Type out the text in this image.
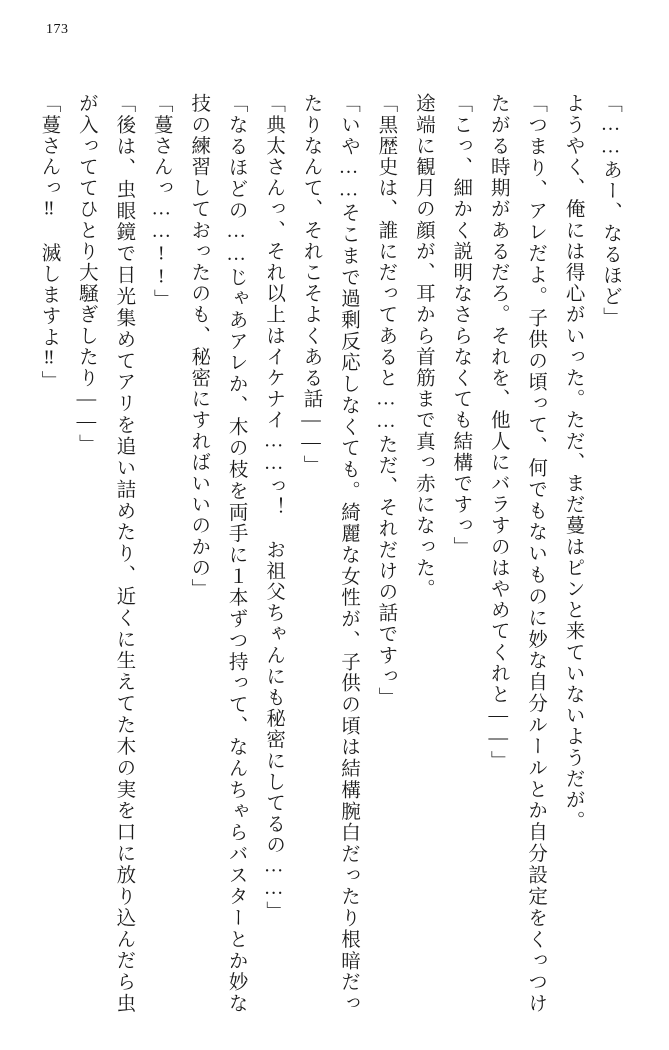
173

「……あー、なるほど」

ようやく、俺には得心がいった。ただ、まだ蔓はピンと来ていないようだが。

「つまり、アレだよ。子供の頃って、何でもないものに妙な自分ルールとか自分設定をくっつけたがる時期があるだろ。それを、他人にバラすのはやめてくれと――」

「こっ、細かく説明なさらなくても結構ですっ」

途端に観月の顔が、耳から首筋まで真っ赤になった。

「黒歴史は、誰にだってあると……ただ、それだけの話ですっ」

「いや……そこまで過剰反応しなくても。綺麗な女性が、子供の頃は結構腕白だったり根暗だったりなんて、それこそよくある話――」

「典太さんっ、それ以上はイケナイ……っ！　お祖父ちゃんにも秘密にしてるの……」

「なるほどの……じゃあアレか、木の枝を両手に１本ずつ持って、なんちゃらバスターとか妙な技の練習しておったのも、秘密にすればいいのかの」

「蔓さんっ……!!」

「後は、虫眼鏡で日光集めてアリを追い詰めたり、近くに生えてた木の実を口に放り込んだら虫が入っててひとり大騒ぎしたり――」

「蔓さんっ‼　滅しますよ‼」
